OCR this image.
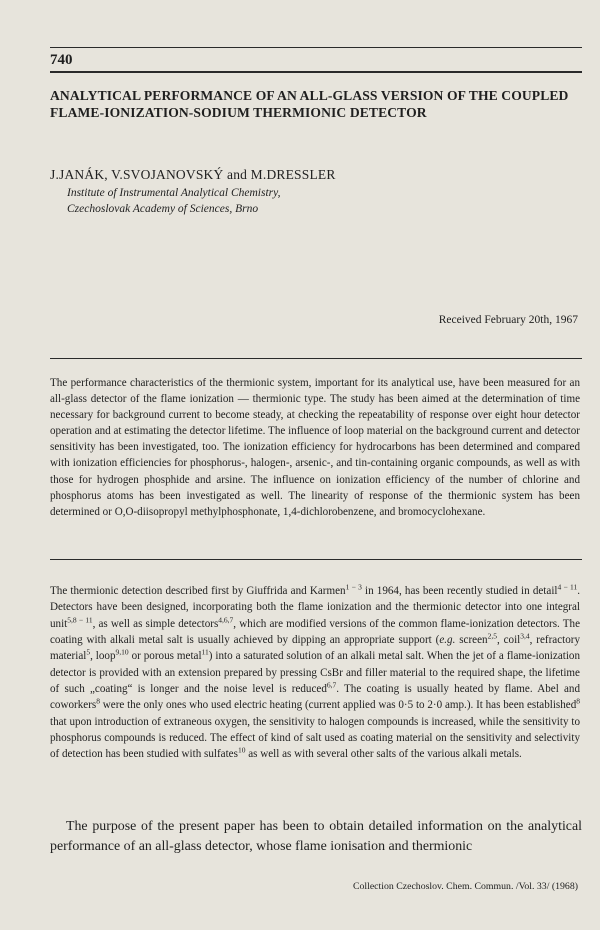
740
ANALYTICAL PERFORMANCE OF AN ALL-GLASS VERSION OF THE COUPLED FLAME-IONIZATION-SODIUM THERMIONIC DETECTOR
J.JANÁK, V.SVOJANOVSKÝ and M.DRESSLER
Institute of Instrumental Analytical Chemistry,
Czechoslovak Academy of Sciences, Brno
Received February 20th, 1967
The performance characteristics of the thermionic system, important for its analytical use, have been measured for an all-glass detector of the flame ionization — thermionic type. The study has been aimed at the determination of time necessary for background current to become steady, at checking the repeatability of response over eight hour detector operation and at estimating the detector lifetime. The influence of loop material on the background current and detector sensitivity has been investigated, too. The ionization efficiency for hydrocarbons has been determined and compared with ionization efficiencies for phosphorus-, halogen-, arsenic-, and tin-containing organic compounds, as well as with those for hydrogen phosphide and arsine. The influence on ionization efficiency of the number of chlorine and phosphorus atoms has been investigated as well. The linearity of response of the thermionic system has been determined or O,O-diisopropyl methylphosphonate, 1,4-dichlorobenzene, and bromocyclohexane.
The thermionic detection described first by Giuffrida and Karmen$^{1 - 3}$ in 1964, has been recently studied in detail$^{4 - 11}$. Detectors have been designed, incorporating both the flame ionization and the thermionic detector into one integral unit$^{5,8 - 11}$, as well as simple detectors$^{4,6,7}$, which are modified versions of the common flame-ionization detectors. The coating with alkali metal salt is usually achieved by dipping an appropriate support (e.g. screen$^{2,5}$, coil$^{3,4}$, refractory material$^5$, loop$^{9,10}$ or porous metal$^{11}$) into a saturated solution of an alkali metal salt. When the jet of a flame-ionization detector is provided with an extension prepared by pressing CsBr and filler material to the required shape, the lifetime of such „coating“ is longer and the noise level is reduced$^{6,7}$. The coating is usually heated by flame. Abel and coworkers$^8$ were the only ones who used electric heating (current applied was 0·5 to 2·0 amp.). It has been established$^8$ that upon introduction of extraneous oxygen, the sensitivity to halogen compounds is increased, while the sensitivity to phosphorus compounds is reduced. The effect of kind of salt used as coating material on the sensitivity and selectivity of detection has been studied with sulfates$^{10}$ as well as with several other salts of the various alkali metals.
The purpose of the present paper has been to obtain detailed information on the analytical performance of an all-glass detector, whose flame ionisation and thermionic
Collection Czechoslov. Chem. Commun. /Vol. 33/ (1968)
